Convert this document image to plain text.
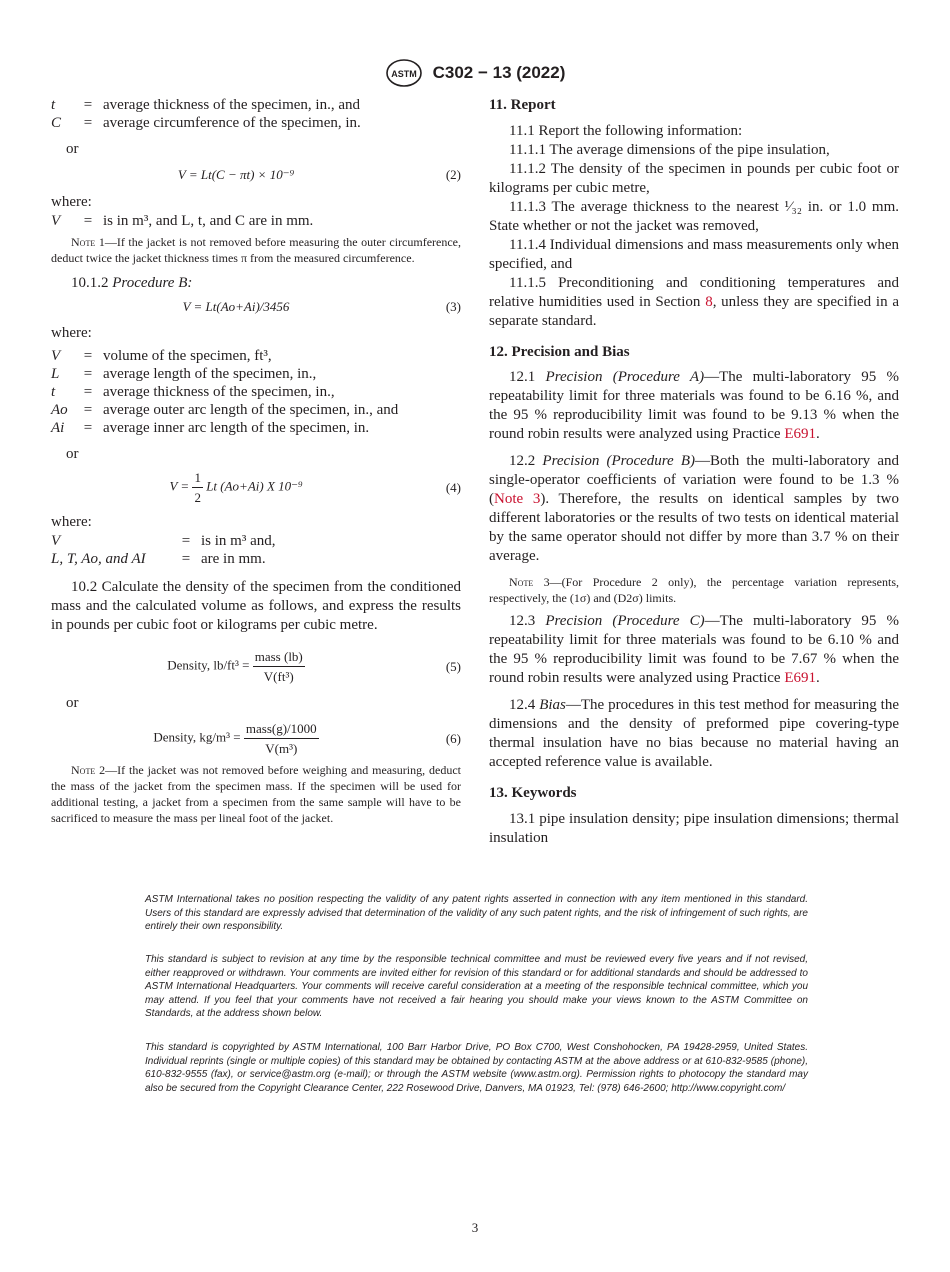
ASTM C302 − 13 (2022)
t	=	average thickness of the specimen, in., and
C	=	average circumference of the specimen, in.

or

V = Lt(C − πt) × 10⁻⁹	(2)

where:

V	=	is in m³, and L, t, and C are in mm.

Note 1—If the jacket is not removed before measuring the outer circumference, deduct twice the jacket thickness times π from the measured circumference.

10.1.2 Procedure B:

V = Lt(Ao+Ai)/3456	(3)

where:

V	=	volume of the specimen, ft³,
L	=	average length of the specimen, in.,
t	=	average thickness of the specimen, in.,
Ao	=	average outer arc length of the specimen, in., and
Ai	=	average inner arc length of the specimen, in.

or

$V = \frac{1}{2}$ Lt (Ao+Ai) X 10⁻⁹	(4)

where:

V	=	is in m³ and,
L, T, Ao, and AI	=	are in mm.

10.2 Calculate the density of the specimen from the conditioned mass and the calculated volume as follows, and express the results in pounds per cubic foot or kilograms per cubic metre.

Density, $lb/ft^3 = \frac{\text{mass (lb)}}{\text{V(ft³)}}$	(5)

or

Density, $kg/m^3 = \frac{\text{mass(g)/1000}}{\text{V(m³)}}$	(6)

Note 2—If the jacket was not removed before weighing and measuring, deduct the mass of the jacket from the specimen mass. If the specimen will be used for additional testing, a jacket from a specimen from the same sample will have to be sacrificed to measure the mass per lineal foot of the jacket.

11. Report

11.1 Report the following information:

11.1.1 The average dimensions of the pipe insulation,

11.1.2 The density of the specimen in pounds per cubic foot or kilograms per cubic metre,

11.1.3 The average thickness to the nearest ¹⁄₃₂ in. or 1.0 mm. State whether or not the jacket was removed,

11.1.4 Individual dimensions and mass measurements only when specified, and

11.1.5 Preconditioning and conditioning temperatures and relative humidities used in Section 8, unless they are specified in a separate standard.

12. Precision and Bias

12.1 Precision (Procedure A)—The multi-laboratory 95 % repeatability limit for three materials was found to be 6.16 %, and the 95 % reproducibility limit was found to be 9.13 % when the round robin results were analyzed using Practice E691.

12.2 Precision (Procedure B)—Both the multi-laboratory and single-operator coefficients of variation were found to be 1.3 % (Note 3). Therefore, the results on identical samples by two different laboratories or the results of two tests on identical material by the same operator should not differ by more than 3.7 % on their average.

Note 3—(For Procedure 2 only), the percentage variation represents, respectively, the (1σ) and (D2σ) limits.

12.3 Precision (Procedure C)—The multi-laboratory 95 % repeatability limit for three materials was found to be 6.10 % and the 95 % reproducibility limit was found to be 7.67 % when the round robin results were analyzed using Practice E691.

12.4 Bias—The procedures in this test method for measuring the dimensions and the density of preformed pipe covering-type thermal insulation have no bias because no material having an accepted reference value is available.

13. Keywords

13.1 pipe insulation density; pipe insulation dimensions; thermal insulation

ASTM International takes no position respecting the validity of any patent rights asserted in connection with any item mentioned in this standard. Users of this standard are expressly advised that determination of the validity of any such patent rights, and the risk of infringement of such rights, are entirely their own responsibility.
This standard is subject to revision at any time by the responsible technical committee and must be reviewed every five years and if not revised, either reapproved or withdrawn. Your comments are invited either for revision of this standard or for additional standards and should be addressed to ASTM International Headquarters. Your comments will receive careful consideration at a meeting of the responsible technical committee, which you may attend. If you feel that your comments have not received a fair hearing you should make your views known to the ASTM Committee on Standards, at the address shown below.
This standard is copyrighted by ASTM International, 100 Barr Harbor Drive, PO Box C700, West Conshohocken, PA 19428-2959, United States. Individual reprints (single or multiple copies) of this standard may be obtained by contacting ASTM at the above address or at 610-832-9585 (phone), 610-832-9555 (fax), or service@astm.org (e-mail); or through the ASTM website (www.astm.org). Permission rights to photocopy the standard may also be secured from the Copyright Clearance Center, 222 Rosewood Drive, Danvers, MA 01923, Tel: (978) 646-2600; http://www.copyright.com/
3
